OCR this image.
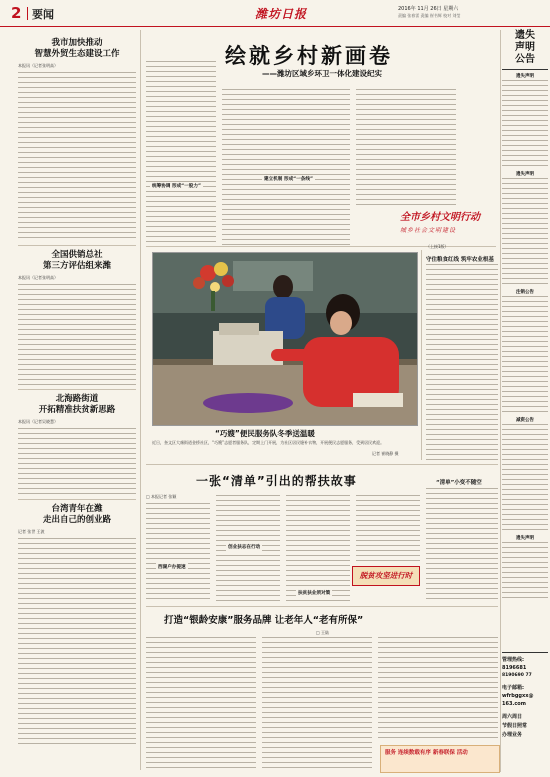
2 要闻	潍坊日报	2016年 11月 26日 星期六
责编 张春雷 责编 崔书辉 校对 刘莹
我市加快推动
智慧外贸生态建设工作
本报讯（记者张明高）
全国供销总社
第三方评估组来潍
本报讯（记者张明高）
北海路街道
开拓精准扶贫新思路
本报讯（记者吴晓慧）
台湾青年在潍
走出自己的创业路
记者 张世 王波
绘就乡村新画卷
——潍坊区域乡环卫一体化建设纪实
统筹协调 形成“一股力”
建立机制 形成“一条线”
全市乡村文明行动
城乡社会文明建设
“巧嫂”便民服务队冬季送温暖
近日，奎文区大虞街道金桥社区，“巧嫂”志愿者服务队，定期上门开展，为社区居民缝补衣物，开展便民志愿服务，受到居民欢迎。
记者 崔晓静 摄
（上接1版）
守住粮食红线 筑牢农业根基
一张“清单”引出的帮扶故事
□ 本报记者 张颖
扶贫扶业须对策
西湖户办提速
脱贫攻坚进行时
创业扶志在行动
“清单”小变不随空
打造“银龄安康”服务品牌 让老年人“老有所保”
□ 王陆
服务 连续数载有序 新春联保 活动
遗失
声明
公告
遗失声明
遗失声明
注销公告
减资公告
遗失声明
管理热线:
8196681
8190690 77
电子邮箱:
wfrbggxx@
163.com
周六周日
节假日照常
办理业务
